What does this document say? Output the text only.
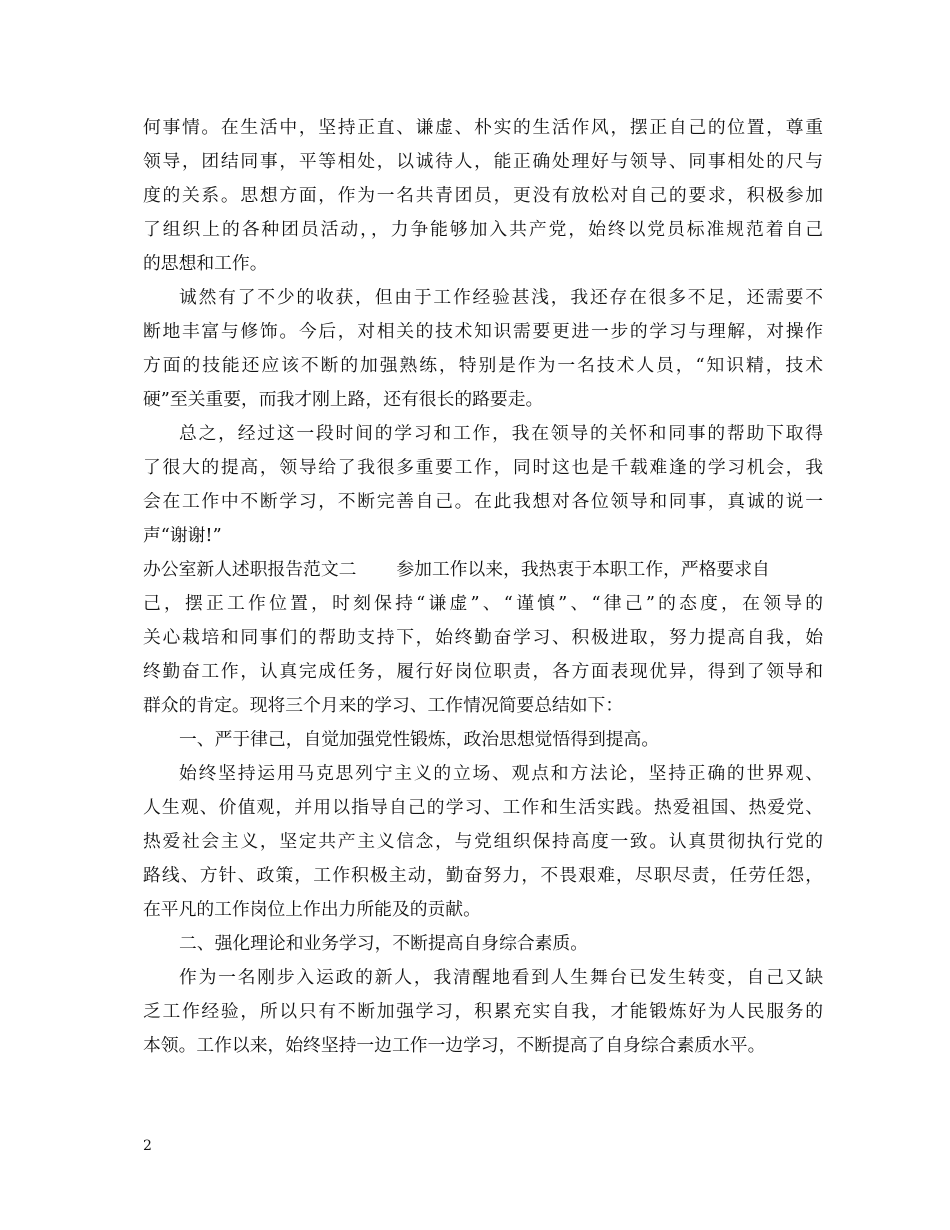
何事情。在生活中，坚持正直、谦虚、朴实的生活作风，摆正自己的位置，尊重
领导，团结同事，平等相处，以诚待人，能正确处理好与领导、同事相处的尺与
度的关系。思想方面，作为一名共青团员，更没有放松对自己的要求，积极参加
了组织上的各种团员活动，，力争能够加入共产党，始终以党员标准规范着自己
的思想和工作。
诚然有了不少的收获，但由于工作经验甚浅，我还存在很多不足，还需要不
断地丰富与修饰。今后，对相关的技术知识需要更进一步的学习与理解，对操作
方面的技能还应该不断的加强熟练，特别是作为一名技术人员，“知识精，技术
硬”至关重要，而我才刚上路，还有很长的路要走。
总之，经过这一段时间的学习和工作，我在领导的关怀和同事的帮助下取得
了很大的提高，领导给了我很多重要工作，同时这也是千载难逢的学习机会，我
会在工作中不断学习，不断完善自己。在此我想对各位领导和同事，真诚的说一
声“谢谢!”
办公室新人述职报告范文二 参加工作以来，我热衷于本职工作，严格要求自
己，摆正工作位置，时刻保持“谦虚”、“谨慎”、“律己”的态度，在领导的
关心栽培和同事们的帮助支持下，始终勤奋学习、积极进取，努力提高自我，始
终勤奋工作，认真完成任务，履行好岗位职责，各方面表现优异，得到了领导和
群众的肯定。现将三个月来的学习、工作情况简要总结如下：
一、严于律己，自觉加强党性锻炼，政治思想觉悟得到提高。
始终坚持运用马克思列宁主义的立场、观点和方法论，坚持正确的世界观、
人生观、价值观，并用以指导自己的学习、工作和生活实践。热爱祖国、热爱党、
热爱社会主义，坚定共产主义信念，与党组织保持高度一致。认真贯彻执行党的
路线、方针、政策，工作积极主动，勤奋努力，不畏艰难，尽职尽责，任劳任怨，
在平凡的工作岗位上作出力所能及的贡献。
二、强化理论和业务学习，不断提高自身综合素质。
作为一名刚步入运政的新人，我清醒地看到人生舞台已发生转变，自己又缺
乏工作经验，所以只有不断加强学习，积累充实自我，才能锻炼好为人民服务的
本领。工作以来，始终坚持一边工作一边学习，不断提高了自身综合素质水平。
2
